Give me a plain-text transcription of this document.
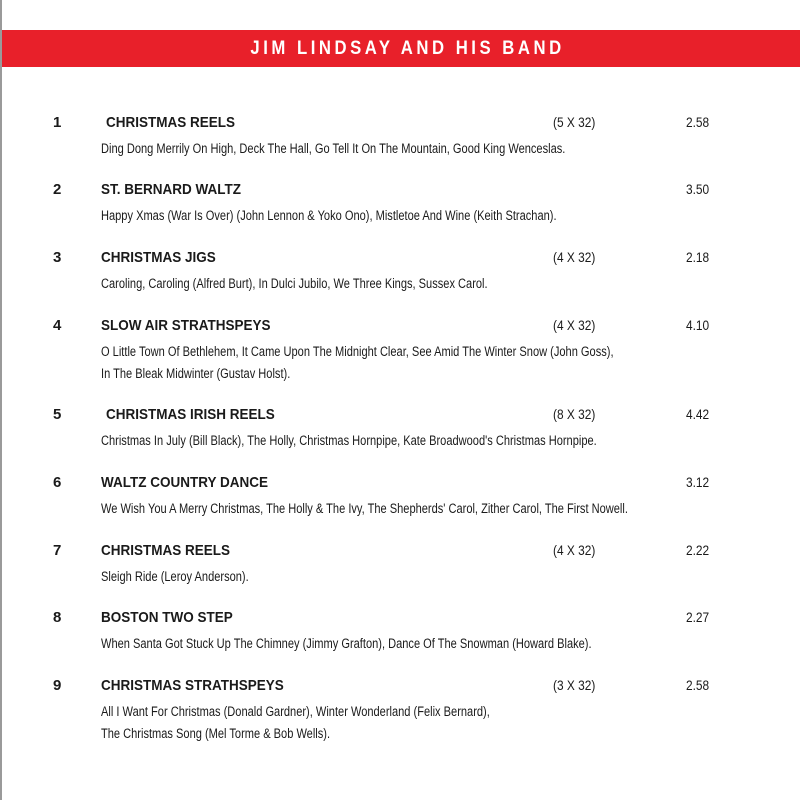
JIM LINDSAY AND HIS BAND
1	CHRISTMAS REELS	(5 X 32)	2.58
Ding Dong Merrily On High, Deck The Hall, Go Tell It On The Mountain, Good King Wenceslas.
2	ST. BERNARD WALTZ	3.50
Happy Xmas (War Is Over) (John Lennon & Yoko Ono), Mistletoe And Wine (Keith Strachan).
3	CHRISTMAS JIGS	(4 X 32)	2.18
Caroling, Caroling (Alfred Burt), In Dulci Jubilo, We Three Kings, Sussex Carol.
4	SLOW AIR STRATHSPEYS	(4 X 32)	4.10
O Little Town Of Bethlehem, It Came Upon The Midnight Clear, See Amid The Winter Snow (John Goss),
In The Bleak Midwinter (Gustav Holst).
5	CHRISTMAS IRISH REELS	(8 X 32)	4.42
Christmas In July (Bill Black), The Holly, Christmas Hornpipe, Kate Broadwood's Christmas Hornpipe.
6	WALTZ COUNTRY DANCE	3.12
We Wish You A Merry Christmas, The Holly & The Ivy, The Shepherds' Carol, Zither Carol, The First Nowell.
7	CHRISTMAS REELS	(4 X 32)	2.22
Sleigh Ride (Leroy Anderson).
8	BOSTON TWO STEP	2.27
When Santa Got Stuck Up The Chimney (Jimmy Grafton), Dance Of The Snowman (Howard Blake).
9	CHRISTMAS STRATHSPEYS	(3 X 32)	2.58
All I Want For Christmas (Donald Gardner), Winter Wonderland (Felix Bernard),
The Christmas Song (Mel Torme & Bob Wells).
